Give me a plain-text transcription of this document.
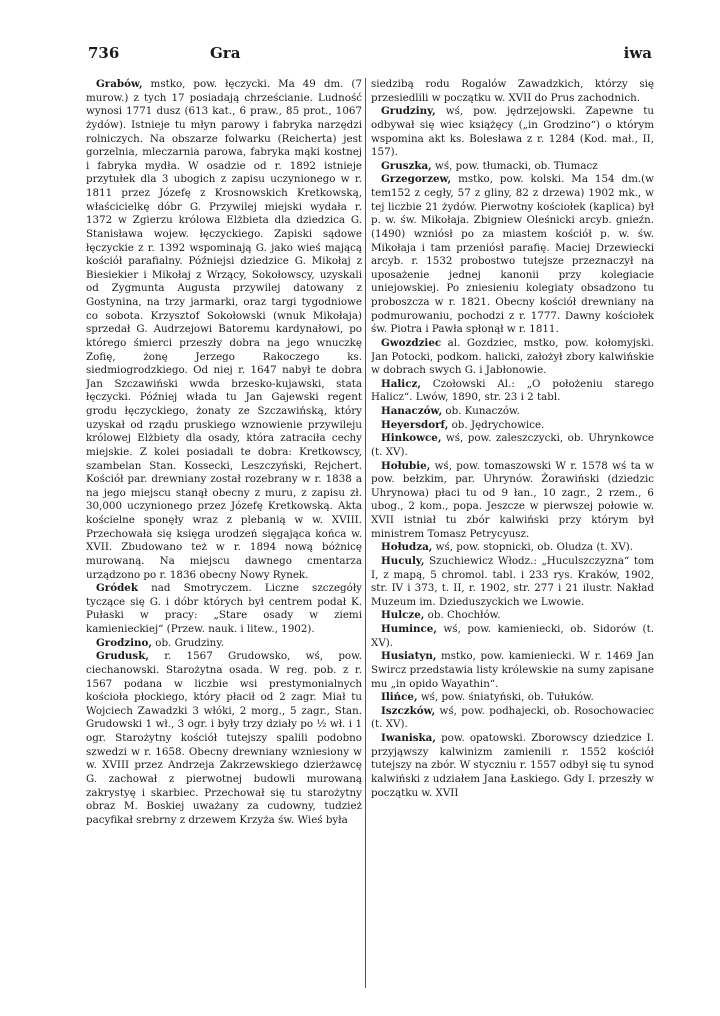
736	Gra	iwa

Grabów, mstko, pow. łęczycki. Ma 49 dm. (7 murow.) z tych 17 posiadają chrześcianie. Ludność wynosi 1771 dusz (613 kat., 6 praw., 85 prot., 1067 żydów). Istnieje tu młyn parowy i fabryka narzędzi rolniczych. Na obszarze folwarku (Reicherta) jest gorzelnia, mleczarnia parowa, fabryka mąki kostnej i fabryka mydła. W osadzie od r. 1892 istnieje przytułek dla 3 ubogich z zapisu uczynionego w r. 1811 przez Józefę z Krosnowskich Kretkowską, właścicielkę dóbr G. Przywilej miejski wydała r. 1372 w Zgierzu królowa Elżbieta dla dziedzica G. Stanisława wojew. łęczyckiego. Zapiski sądowe łęczyckie z r. 1392 wspominają G. jako wieś mającą kościół parafialny. Późniejsi dziedzice G. Mikołaj z Biesiekier i Mikołaj z Wrzący, Sokołowscy, uzyskali od Zygmunta Augusta przywilej datowany z Gostynina, na trzy jarmarki, oraz targi tygodniowe co sobota. Krzysztof Sokołowski (wnuk Mikołaja) sprzedał G. Audrzejowi Batoremu kardynałowi, po którego śmierci przeszły dobra na jego wnuczkę Zofię, żonę Jerzego Rakoczego ks. siedmiogrodzkiego. Od niej r. 1647 nabył te dobra Jan Szczawiński wwda brzesko-kujawski, stata łęczycki. Później włada tu Jan Gajewski regent grodu łęczyckiego, żonaty ze Szczawińską, który uzyskał od rządu pruskiego wznowienie przywileju królowej Elżbiety dla osady, która zatraciła cechy miejskie. Z kolei posiadali te dobra: Kretkowscy, szambelan Stan. Kossecki, Leszczyński, Rejchert. Kościół par. drewniany został rozebrany w r. 1838 a na jego miejscu stanął obecny z muru, z zapisu zł. 30,000 uczynionego przez Józefę Kretkowską. Akta kościelne sponęły wraz z plebanią w w. XVIII. Przechowała się księga urodzeń sięgająca końca w. XVII. Zbudowano też w r. 1894 nową bóżnicę murowaną. Na miejscu dawnego cmentarza urządzono po r. 1836 obecny Nowy Rynek.

Gródek nad Smotryczem. Liczne szczegóły tyczące się G. i dóbr których był centrem podał K. Pułaski w pracy: „Stare osady w ziemi kamienieckiej“ (Przew. nauk. i litew., 1902).

Grodzino, ob. Grudziny.

Grudusk, r. 1567 Grudowsko, wś, pow. ciechanowski. Starożytna osada. W reg. pob. z r. 1567 podana w liczbie wsi prestymonialnych kościoła płockiego, który płacił od 2 zagr. Miał tu Wojciech Zawadzki 3 włóki, 2 morg., 5 zagr., Stan. Grudowski 1 wł., 3 ogr. i były trzy działy po ½ wł. i 1 ogr. Starożytny kościół tutejszy spalili podobno szwedzi w r. 1658. Obecny drewniany wzniesiony w w. XVIII przez Andrzeja Zakrzewskiego dzierżawcę G. zachował z pierwotnej budowli murowaną zakrystyę i skarbiec. Przechował się tu starożytny obraz M. Boskiej uważany za cudowny, tudzież pacyfikał srebrny z drzewem Krzyża św. Wieś była

siedzibą rodu Rogalów Zawadzkich, którzy się przesiedlili w początku w. XVII do Prus zachodnich.

Grudziny, wś, pow. jędrzejowski. Zapewne tu odbywał się wiec książęcy („in Grodzino“) o którym wspomina akt ks. Bolesława z r. 1284 (Kod. mał., II, 157).

Gruszka, wś, pow. tłumacki, ob. Tłumacz

Grzegorzew, mstko, pow. kolski. Ma 154 dm.(w tem152 z cegły, 57 z gliny, 82 z drzewa) 1902 mk., w tej liczbie 21 żydów. Pierwotny kościołek (kaplica) był p. w. św. Mikołaja. Zbigniew Oleśnicki arcyb. gnieźn. (1490) wzniósł po za miastem kościół p. w. św. Mikołaja i tam przeniósł parafię. Maciej Drzewiecki arcyb. r. 1532 probostwo tutejsze przeznaczył na uposażenie jednej kanonii przy kolegiacie uniejowskiej. Po zniesieniu kolegiaty obsadzono tu proboszcza w r. 1821. Obecny kościół drewniany na podmurowaniu, pochodzi z r. 1777. Dawny kościołek św. Piotra i Pawła spłonął w r. 1811.

Gwozdziec al. Gozdziec, mstko, pow. kołomyjski. Jan Potocki, podkom. halicki, założył zbory kalwińskie w dobrach swych G. i Jabłonowie.

Halicz, Czołowski Al.: „O położeniu starego Halicz“. Lwów, 1890, str. 23 i 2 tabl.

Hanaczów, ob. Kunaczów.

Heyersdorf, ob. Jędrychowice.

Hinkowce, wś, pow. zaleszczycki, ob. Uhrynkowce (t. XV).

Hołubie, wś, pow. tomaszowski W r. 1578 wś ta w pow. bełzkim, par. Uhrynów. Żorawiński (dziedzic Uhrynowa) płaci tu od 9 łan., 10 zagr., 2 rzem., 6 ubog., 2 kom., popa. Jeszcze w pierwszej połowie w. XVII istniał tu zbór kalwiński przy którym był ministrem Tomasz Petrycyusz.

Hołudza, wś, pow. stopnicki, ob. Oludza (t. XV).

Huculy, Szuchiewicz Włodz.: „Huculszczyzna“ tom I, z mapą, 5 chromol. tabl. i 233 rys. Kraków, 1902, str. IV i 373, t. II, r. 1902, str. 277 i 21 ilustr. Nakład Muzeum im. Dzieduszyckich we Lwowie.

Hulcze, ob. Chochłów.

Humince, wś, pow. kamieniecki, ob. Sidorów (t. XV).

Husiatyn, mstko, pow. kamieniecki. W r. 1469 Jan Swircz przedstawia listy królewskie na sumy zapisane mu „in opido Wayathin“.

Ilińce, wś, pow. śniatyński, ob. Tułuków.

Iszczków, wś, pow. podhajecki, ob. Rosochowaciec (t. XV).

Iwaniska, pow. opatowski. Zborowscy dziedzice I. przyjąwszy kalwinizm zamienili r. 1552 kościół tutejszy na zbór. W styczniu r. 1557 odbył się tu synod kalwiński z udziałem Jana Łaskiego. Gdy I. przeszły w początku w. XVII
